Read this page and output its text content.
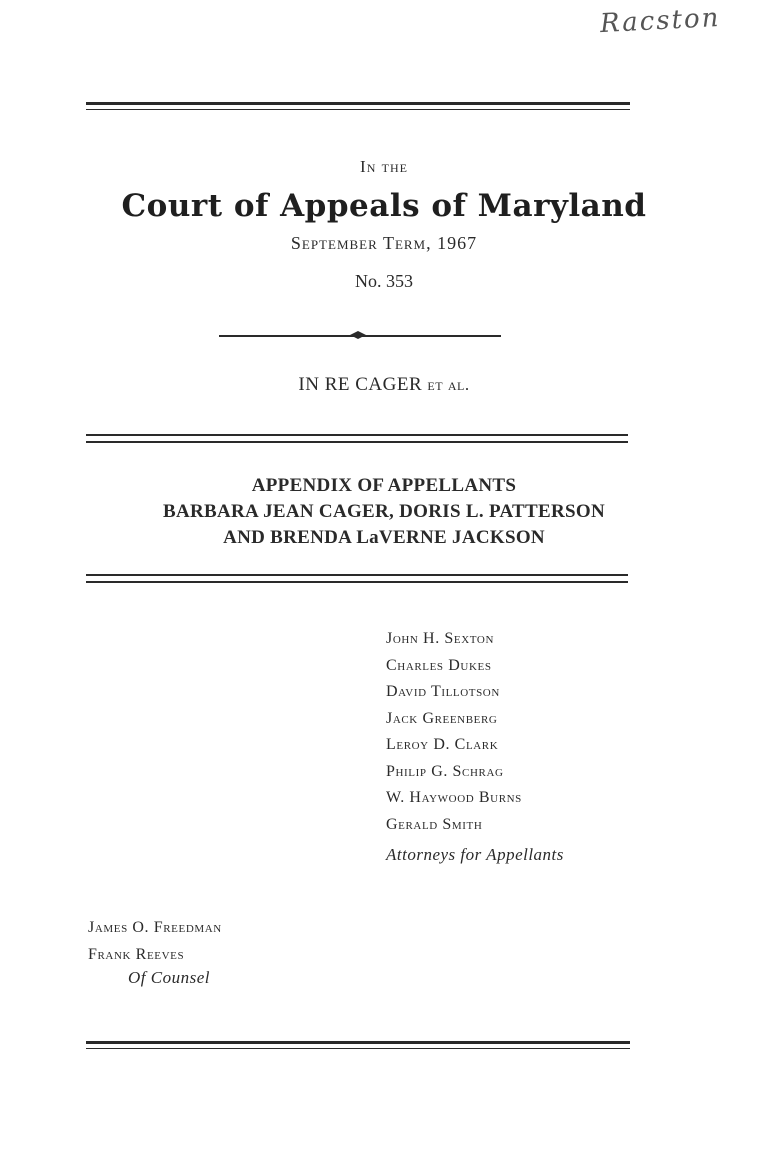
Racston
In the
Court of Appeals of Maryland
September Term, 1967
No. 353
IN RE CAGER et al.
APPENDIX OF APPELLANTS
BARBARA JEAN CAGER, DORIS L. PATTERSON
AND BRENDA LaVERNE JACKSON
John H. Sexton
Charles Dukes
David Tillotson
Jack Greenberg
Leroy D. Clark
Philip G. Schrag
W. Haywood Burns
Gerald Smith
Attorneys for Appellants
James O. Freedman
Frank Reeves
Of Counsel
